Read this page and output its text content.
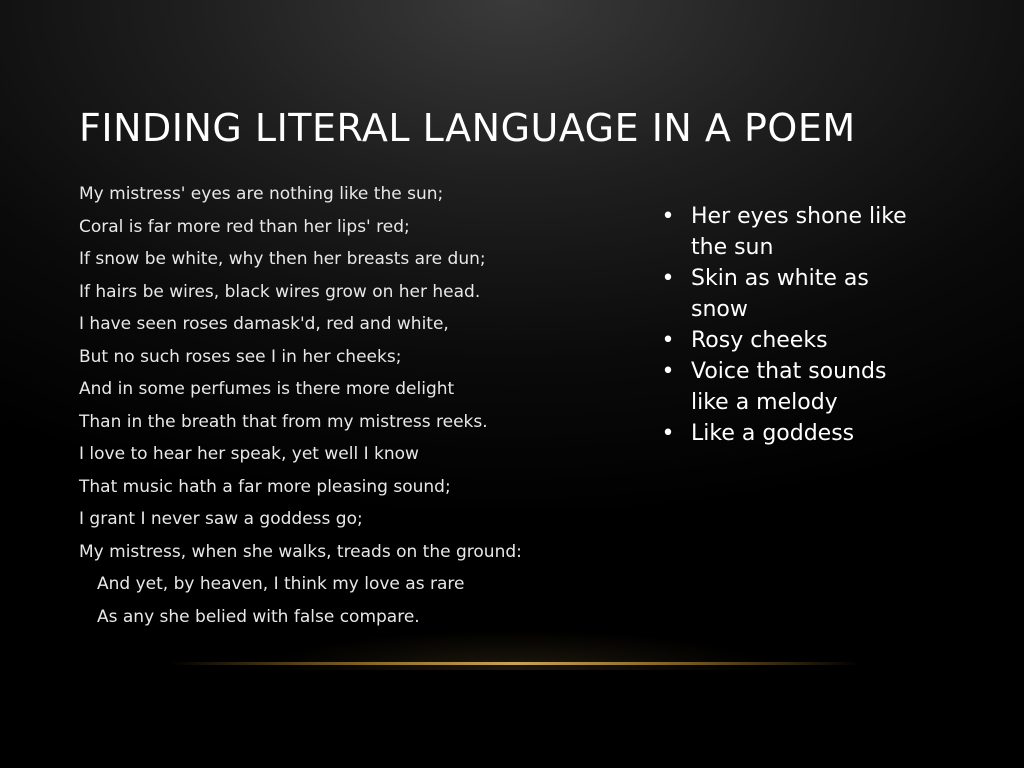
FINDING LITERAL LANGUAGE IN A POEM
My mistress' eyes are nothing like the sun;
Coral is far more red than her lips' red;
If snow be white, why then her breasts are dun;
If hairs be wires, black wires grow on her head.
I have seen roses damask'd, red and white,
But no such roses see I in her cheeks;
And in some perfumes is there more delight
Than in the breath that from my mistress reeks.
I love to hear her speak, yet well I know
That music hath a far more pleasing sound;
I grant I never saw a goddess go;
My mistress, when she walks, treads on the ground:
And yet, by heaven, I think my love as rare
As any she belied with false compare.
• Her eyes shone like the sun
• Skin as white as snow
• Rosy cheeks
• Voice that sounds like a melody
• Like a goddess
